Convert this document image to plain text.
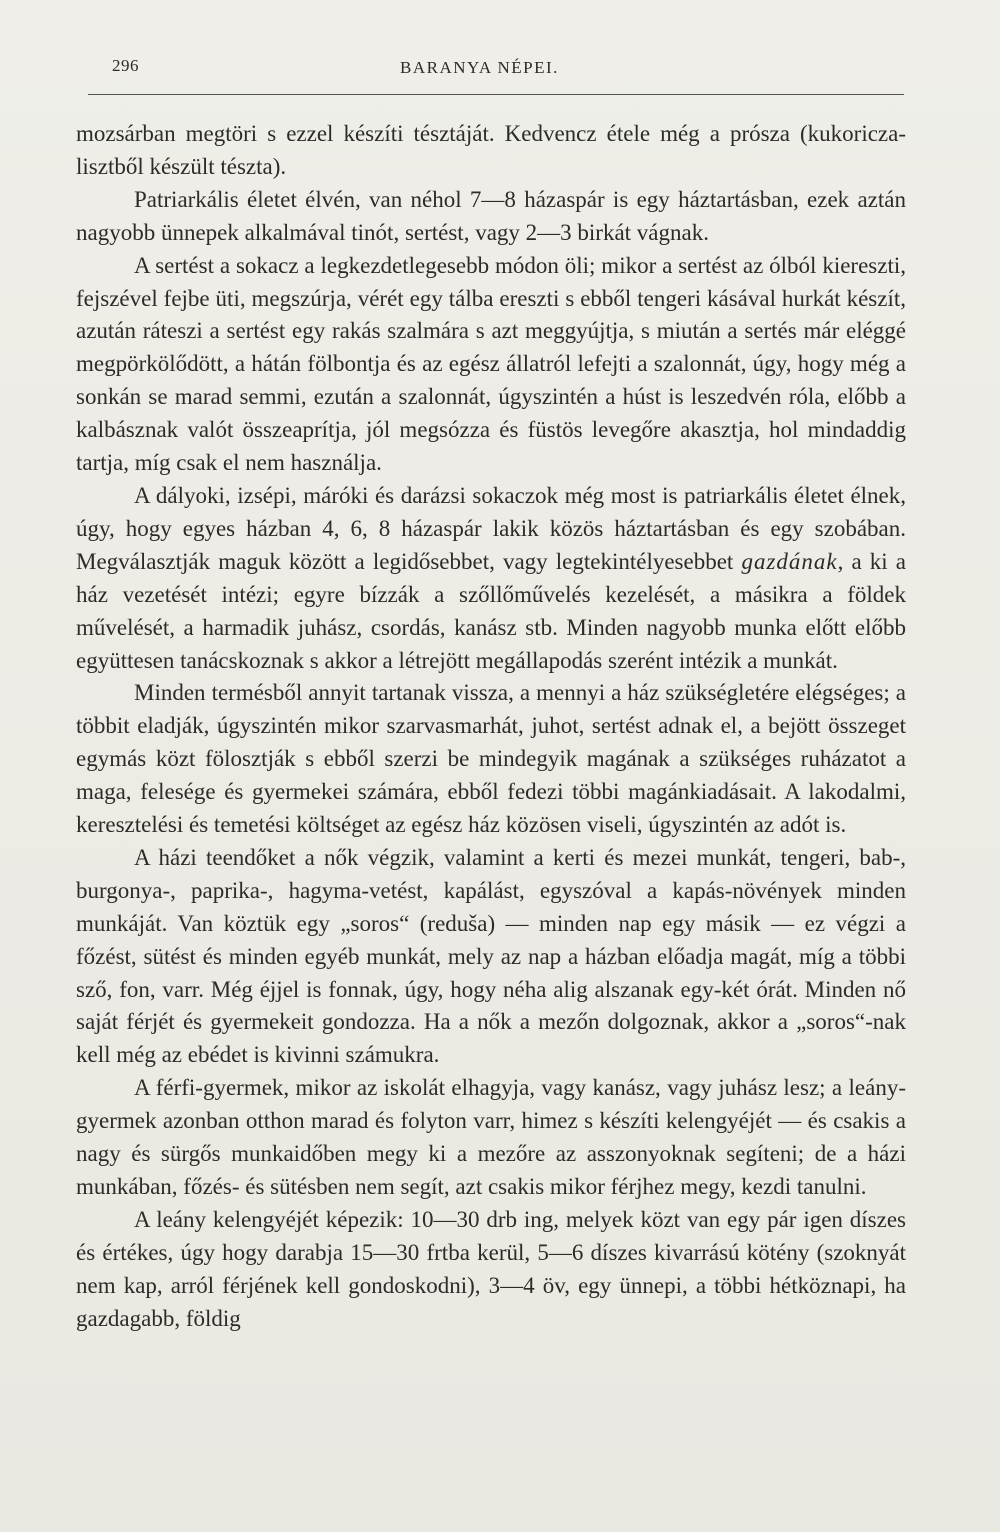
296	BARANYA NÉPEI.

mozsárban megtöri s ezzel készíti tésztáját. Kedvencz étele még a prósza (kukoricza-lisztből készült tészta).

Patriarkális életet élvén, van néhol 7—8 házaspár is egy háztartásban, ezek aztán nagyobb ünnepek alkalmával tinót, sertést, vagy 2—3 birkát vágnak.

A sertést a sokacz a legkezdetlegesebb módon öli; mikor a sertést az ólból kiereszti, fejszével fejbe üti, megszúrja, vérét egy tálba ereszti s ebből tengeri kásával hurkát készít, azután ráteszi a sertést egy rakás szalmára s azt meggyújtja, s miután a sertés már eléggé megpörkölődött, a hátán fölbontja és az egész állatról lefejti a szalonnát, úgy, hogy még a sonkán se marad semmi, ezután a szalonnát, úgyszintén a húst is leszedvén róla, előbb a kalbásznak valót összeaprítja, jól megsózza és füstös levegőre akasztja, hol mindaddig tartja, míg csak el nem használja.

A dályoki, izsépi, máróki és darázsi sokaczok még most is patriarkális életet élnek, úgy, hogy egyes házban 4, 6, 8 házaspár lakik közös háztartásban és egy szobában. Megválasztják maguk között a legidősebbet, vagy legtekintélyesebbet gazdának, a ki a ház vezetését intézi; egyre bízzák a szőllőművelés kezelését, a másikra a földek művelését, a harmadik juhász, csordás, kanász stb. Minden nagyobb munka előtt előbb együttesen tanácskoznak s akkor a létrejött megállapodás szerént intézik a munkát.

Minden termésből annyit tartanak vissza, a mennyi a ház szükségletére elégséges; a többit eladják, úgyszintén mikor szarvasmarhát, juhot, sertést adnak el, a bejött összeget egymás közt fölosztják s ebből szerzi be mindegyik magának a szükséges ruházatot a maga, felesége és gyermekei számára, ebből fedezi többi magánkiadásait. A lakodalmi, keresztelési és temetési költséget az egész ház közösen viseli, úgyszintén az adót is.

A házi teendőket a nők végzik, valamint a kerti és mezei munkát, tengeri, bab-, burgonya-, paprika-, hagyma-vetést, kapálást, egyszóval a kapás-növények minden munkáját. Van köztük egy „soros“ (reduša) — minden nap egy másik — ez végzi a főzést, sütést és minden egyéb munkát, mely az nap a házban előadja magát, míg a többi sző, fon, varr. Még éjjel is fonnak, úgy, hogy néha alig alszanak egy-két órát. Minden nő saját férjét és gyermekeit gondozza. Ha a nők a mezőn dolgoznak, akkor a „soros“-nak kell még az ebédet is kivinni számukra.

A férfi-gyermek, mikor az iskolát elhagyja, vagy kanász, vagy juhász lesz; a leány-gyermek azonban otthon marad és folyton varr, himez s készíti kelengyéjét — és csakis a nagy és sürgős munkaidőben megy ki a mezőre az asszonyoknak segíteni; de a házi munkában, főzés- és sütésben nem segít, azt csakis mikor férjhez megy, kezdi tanulni.

A leány kelengyéjét képezik: 10—30 drb ing, melyek közt van egy pár igen díszes és értékes, úgy hogy darabja 15—30 frtba kerül, 5—6 díszes kivarrású kötény (szoknyát nem kap, arról férjének kell gondoskodni), 3—4 öv, egy ünnepi, a többi hétköznapi, ha gazdagabb, földig
